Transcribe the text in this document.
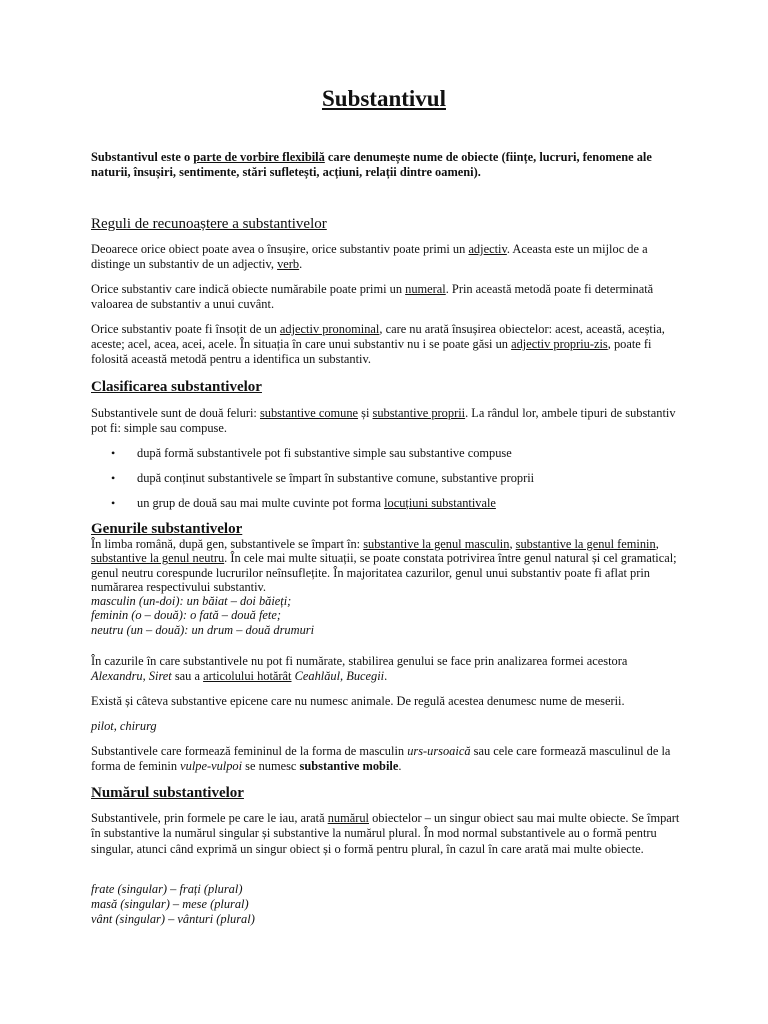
Substantivul

Substantivul este o parte de vorbire flexibilă care denumește nume de obiecte (ființe, lucruri, fenomene ale naturii, însușiri, sentimente, stări sufletești, acțiuni, relații dintre oameni).

Reguli de recunoaștere a substantivelor

Deoarece orice obiect poate avea o însușire, orice substantiv poate primi un adjectiv. Aceasta este un mijloc de a distinge un substantiv de un adjectiv, verb.

Orice substantiv care indică obiecte numărabile poate primi un numeral. Prin această metodă poate fi determinată valoarea de substantiv a unui cuvânt.

Orice substantiv poate fi însoțit de un adjectiv pronominal, care nu arată însușirea obiectelor: acest, această, aceștia, aceste; acel, acea, acei, acele. În situația în care unui substantiv nu i se poate găsi un adjectiv propriu-zis, poate fi folosită această metodă pentru a identifica un substantiv.

Clasificarea substantivelor

Substantivele sunt de două feluri: substantive comune și substantive proprii. La rândul lor, ambele tipuri de substantiv pot fi: simple sau compuse.

• după formă substantivele pot fi substantive simple sau substantive compuse
• după conținut substantivele se împart în substantive comune, substantive proprii
• un grup de două sau mai multe cuvinte pot forma locuțiuni substantivale
Genurile substantivelor

În limba română, după gen, substantivele se împart în: substantive la genul masculin, substantive la genul feminin, substantive la genul neutru. În cele mai multe situații, se poate constata potrivirea între genul natural și cel gramatical; genul neutru corespunde lucrurilor neînsuflețite. În majoritatea cazurilor, genul unui substantiv poate fi aflat prin numărarea respectivului substantiv.

masculin (un-doi): un băiat – doi băieți;
feminin (o – două): o fată – două fete;
neutru (un – două): un drum – două drumuri

În cazurile în care substantivele nu pot fi numărate, stabilirea genului se face prin analizarea formei acestora Alexandru, Siret sau a articolului hotărât Ceahlăul, Bucegii.

Există și câteva substantive epicene care nu numesc animale. De regulă acestea denumesc nume de meserii.

pilot, chirurg

Substantivele care formează femininul de la forma de masculin urs-ursoaică sau cele care formează masculinul de la forma de feminin vulpe-vulpoi se numesc substantive mobile.

Numărul substantivelor

Substantivele, prin formele pe care le iau, arată numărul obiectelor – un singur obiect sau mai multe obiecte. Se împart în substantive la numărul singular și substantive la numărul plural. În mod normal substantivele au o formă pentru singular, atunci când exprimă un singur obiect și o formă pentru plural, în cazul în care arată mai multe obiecte.

frate (singular) – frați (plural)
masă (singular) – mese (plural)
vânt (singular) – vânturi (plural)
